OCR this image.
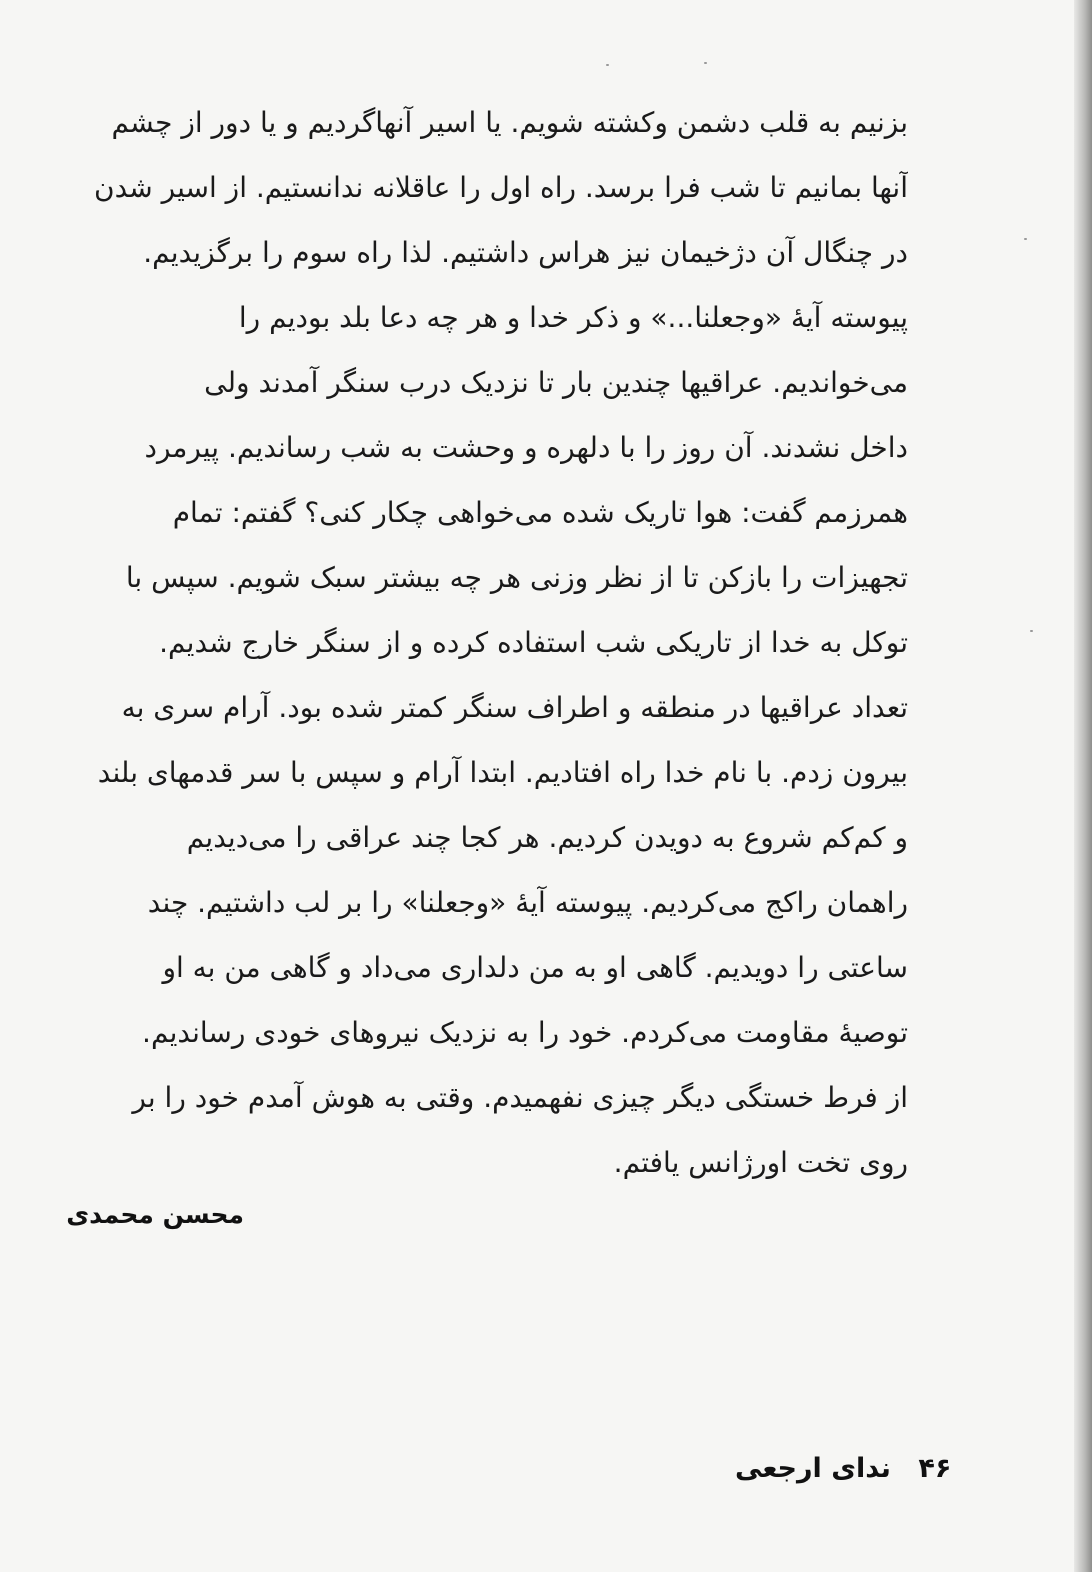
بزنیم به قلب دشمن وکشته شویم. یا اسیر آنهاگردیم و یا دور از چشم
آنها بمانیم تا شب فرا برسد. راه اول را عاقلانه ندانستیم. از اسیر شدن
در چنگال آن دژخیمان نیز هراس داشتیم. لذا راه سوم را برگزیدیم.
پیوسته آیهٔ «وجعلنا...» و ذکر خدا و هر چه دعا بلد بودیم را
می‌خواندیم. عراقیها چندین بار تا نزدیک درب سنگر آمدند ولی
داخل نشدند. آن روز را با دلهره و وحشت به شب رساندیم. پیرمرد
همرزمم گفت: هوا تاریک شده می‌خواهی چکار کنی؟ گفتم: تمام
تجهیزات را بازکن تا از نظر وزنی هر چه بیشتر سبک شویم. سپس با
توکل به خدا از تاریکی شب استفاده کرده و از سنگر خارج شدیم.
تعداد عراقیها در منطقه و اطراف سنگر کمتر شده بود. آرام سری به
بیرون زدم. با نام خدا راه افتادیم. ابتدا آرام و سپس با سر قدمهای بلند
و کم‌کم شروع به دویدن کردیم. هر کجا چند عراقی را می‌دیدیم
راهمان راکج می‌کردیم. پیوسته آیهٔ «وجعلنا» را بر لب داشتیم. چند
ساعتی را دویدیم. گاهی او به من دلداری می‌داد و گاهی من به او
توصیهٔ مقاومت می‌کردم. خود را به نزدیک نیروهای خودی رساندیم.
از فرط خستگی دیگر چیزی نفهمیدم. وقتی به هوش آمدم خود را بر
روی تخت اورژانس یافتم.
محسن محمدی
۴۶ ندای ارجعی
